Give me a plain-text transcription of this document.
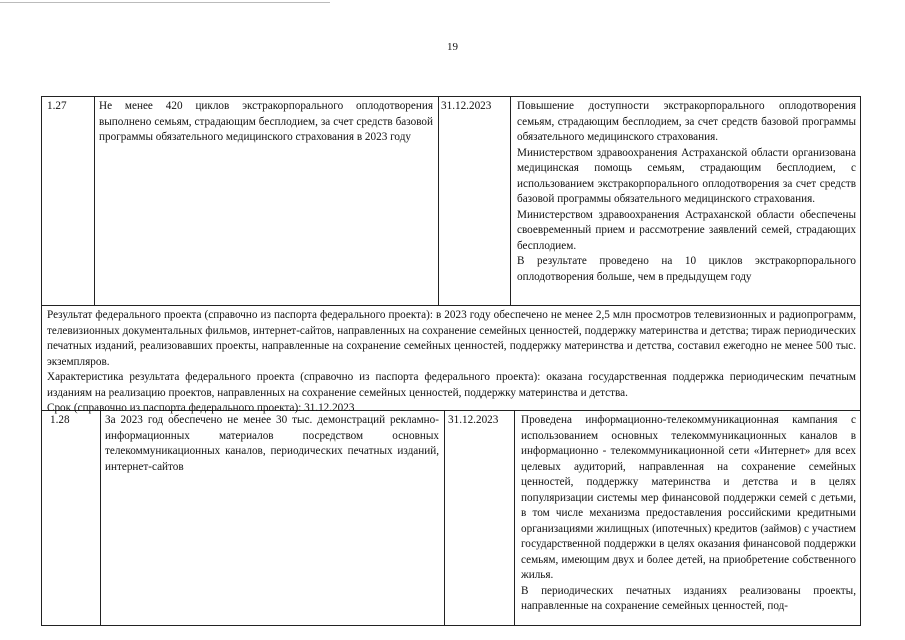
19
1.27	Не менее 420 циклов экстракорпорального оплодотворения выполнено семьям, страдающим бесплодием, за счет средств базовой программы обязательного медицинского страхования в 2023 году
31.12.2023 Повышение доступности экстракорпорального оплодотворения семьям, страдающим бесплодием, за счет средств базовой программы обязательного медицинского страхования.

Министерством здравоохранения Астраханской области организована медицинская помощь семьям, страдающим бесплодием, с использованием экстракорпорального оплодотворения за счет средств базовой программы обязательного медицинского страхования.

Министерством здравоохранения Астраханской области обеспечены своевременный прием и рассмотрение заявлений семей, страдающих бесплодием.

В результате проведено на 10 циклов экстракорпорального оплодотворения больше, чем в предыдущем году

Результат федерального проекта (справочно из паспорта федерального проекта): в 2023 году обеспечено не менее 2,5 млн просмотров телевизионных и радиопрограмм, телевизионных документальных фильмов, интернет-сайтов, направленных на сохранение семейных ценностей, поддержку материнства и детства; тираж периодических печатных изданий, реализовавших проекты, направленные на сохранение семейных ценностей, поддержку материнства и детства, составил ежегодно не менее 500 тыс. экземпляров.

Характеристика результата федерального проекта (справочно из паспорта федерального проекта): оказана государственная поддержка периодическим печатным изданиям на реализацию проектов, направленных на сохранение семейных ценностей, поддержку материнства и детства.

Срок (справочно из паспорта федерального проекта): 31.12.2023

1.28	За 2023 год обеспечено не менее 30 тыс. демонстраций рекламно-информационных материалов посредством основных телекоммуникационных каналов, периодических печатных изданий, интернет-сайтов
31.12.2023 Проведена информационно-телекоммуникационная кампания с использованием основных телекоммуникационных каналов в информационно - телекоммуникационной сети «Интернет» для всех целевых аудиторий, направленная на сохранение семейных ценностей, поддержку материнства и детства и в целях популяризации системы мер финансовой поддержки семей с детьми, в том числе механизма предоставления российскими кредитными организациями жилищных (ипотечных) кредитов (займов) с участием государственной поддержки в целях оказания финансовой поддержки семьям, имеющим двух и более детей, на приобретение собственного жилья.

В периодических печатных изданиях реализованы проекты, направленные на сохранение семейных ценностей, под-
